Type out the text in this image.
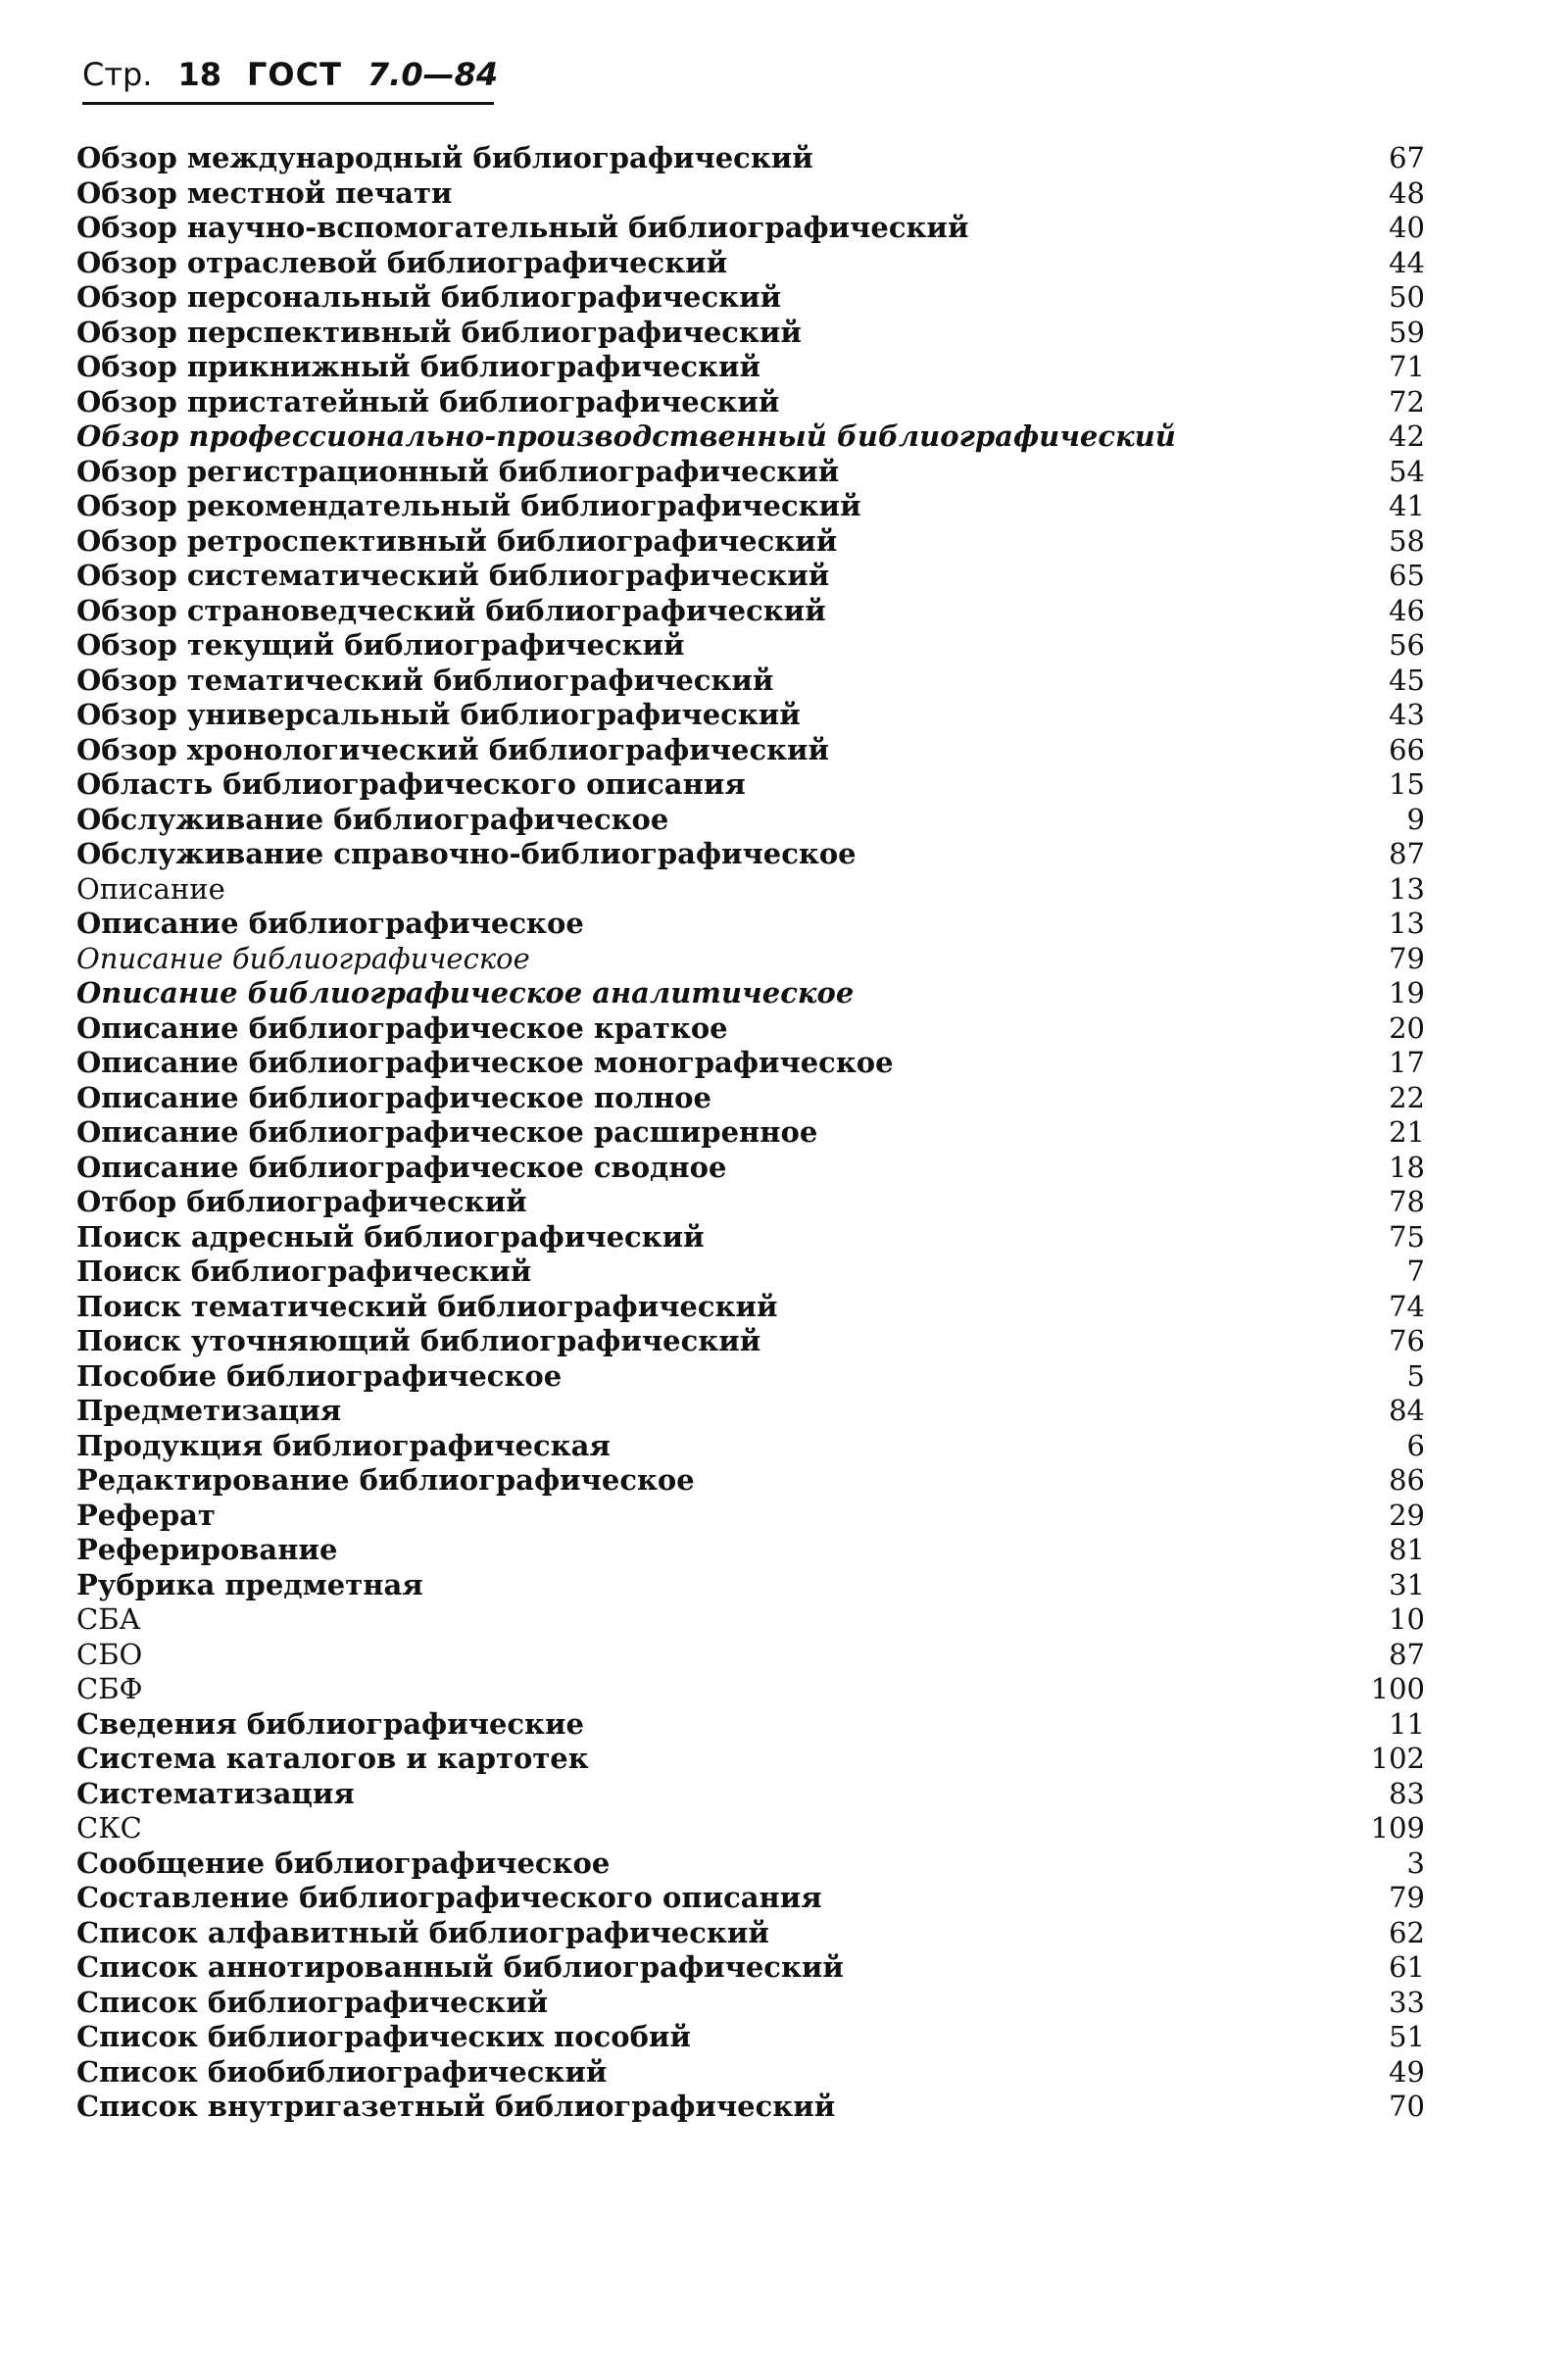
Стр. 18 ГОСТ 7.0—84
Обзор международный библиографический	67
Обзор местной печати	48
Обзор научно-вспомогательный библиографический	40
Обзор отраслевой библиографический	44
Обзор персональный библиографический	50
Обзор перспективный библиографический	59
Обзор прикнижный библиографический	71
Обзор пристатейный библиографический	72
Обзор профессионально-производственный библиографический	42
Обзор регистрационный библиографический	54
Обзор рекомендательный библиографический	41
Обзор ретроспективный библиографический	58
Обзор систематический библиографический	65
Обзор страноведческий библиографический	46
Обзор текущий библиографический	56
Обзор тематический библиографический	45
Обзор универсальный библиографический	43
Обзор хронологический библиографический	66
Область библиографического описания	15
Обслуживание библиографическое	9
Обслуживание справочно-библиографическое	87
Описание	13
Описание библиографическое	13
Описание библиографическое	79
Описание библиографическое аналитическое	19
Описание библиографическое краткое	20
Описание библиографическое монографическое	17
Описание библиографическое полное	22
Описание библиографическое расширенное	21
Описание библиографическое сводное	18
Отбор библиографический	78
Поиск адресный библиографический	75
Поиск библиографический	7
Поиск тематический библиографический	74
Поиск уточняющий библиографический	76
Пособие библиографическое	5
Предметизация	84
Продукция библиографическая	6
Редактирование библиографическое	86
Реферат	29
Реферирование	81
Рубрика предметная	31
СБА	10
СБО	87
СБФ	100
Сведения библиографические	11
Система каталогов и картотек	102
Систематизация	83
СКС	109
Сообщение библиографическое	3
Составление библиографического описания	79
Список алфавитный библиографический	62
Список аннотированный библиографический	61
Список библиографический	33
Список библиографических пособий	51
Список биобиблиографический	49
Список внутригазетный библиографический	70
